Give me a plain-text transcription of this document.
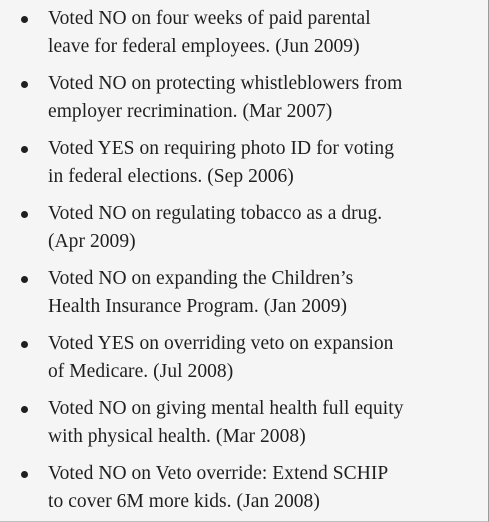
Voted NO on four weeks of paid parental
leave for federal employees. (Jun 2009)
Voted NO on protecting whistleblowers from
employer recrimination. (Mar 2007)
Voted YES on requiring photo ID for voting
in federal elections. (Sep 2006)
Voted NO on regulating tobacco as a drug.
(Apr 2009)
Voted NO on expanding the Children’s
Health Insurance Program. (Jan 2009)
Voted YES on overriding veto on expansion
of Medicare. (Jul 2008)
Voted NO on giving mental health full equity
with physical health. (Mar 2008)
Voted NO on Veto override: Extend SCHIP
to cover 6M more kids. (Jan 2008)
